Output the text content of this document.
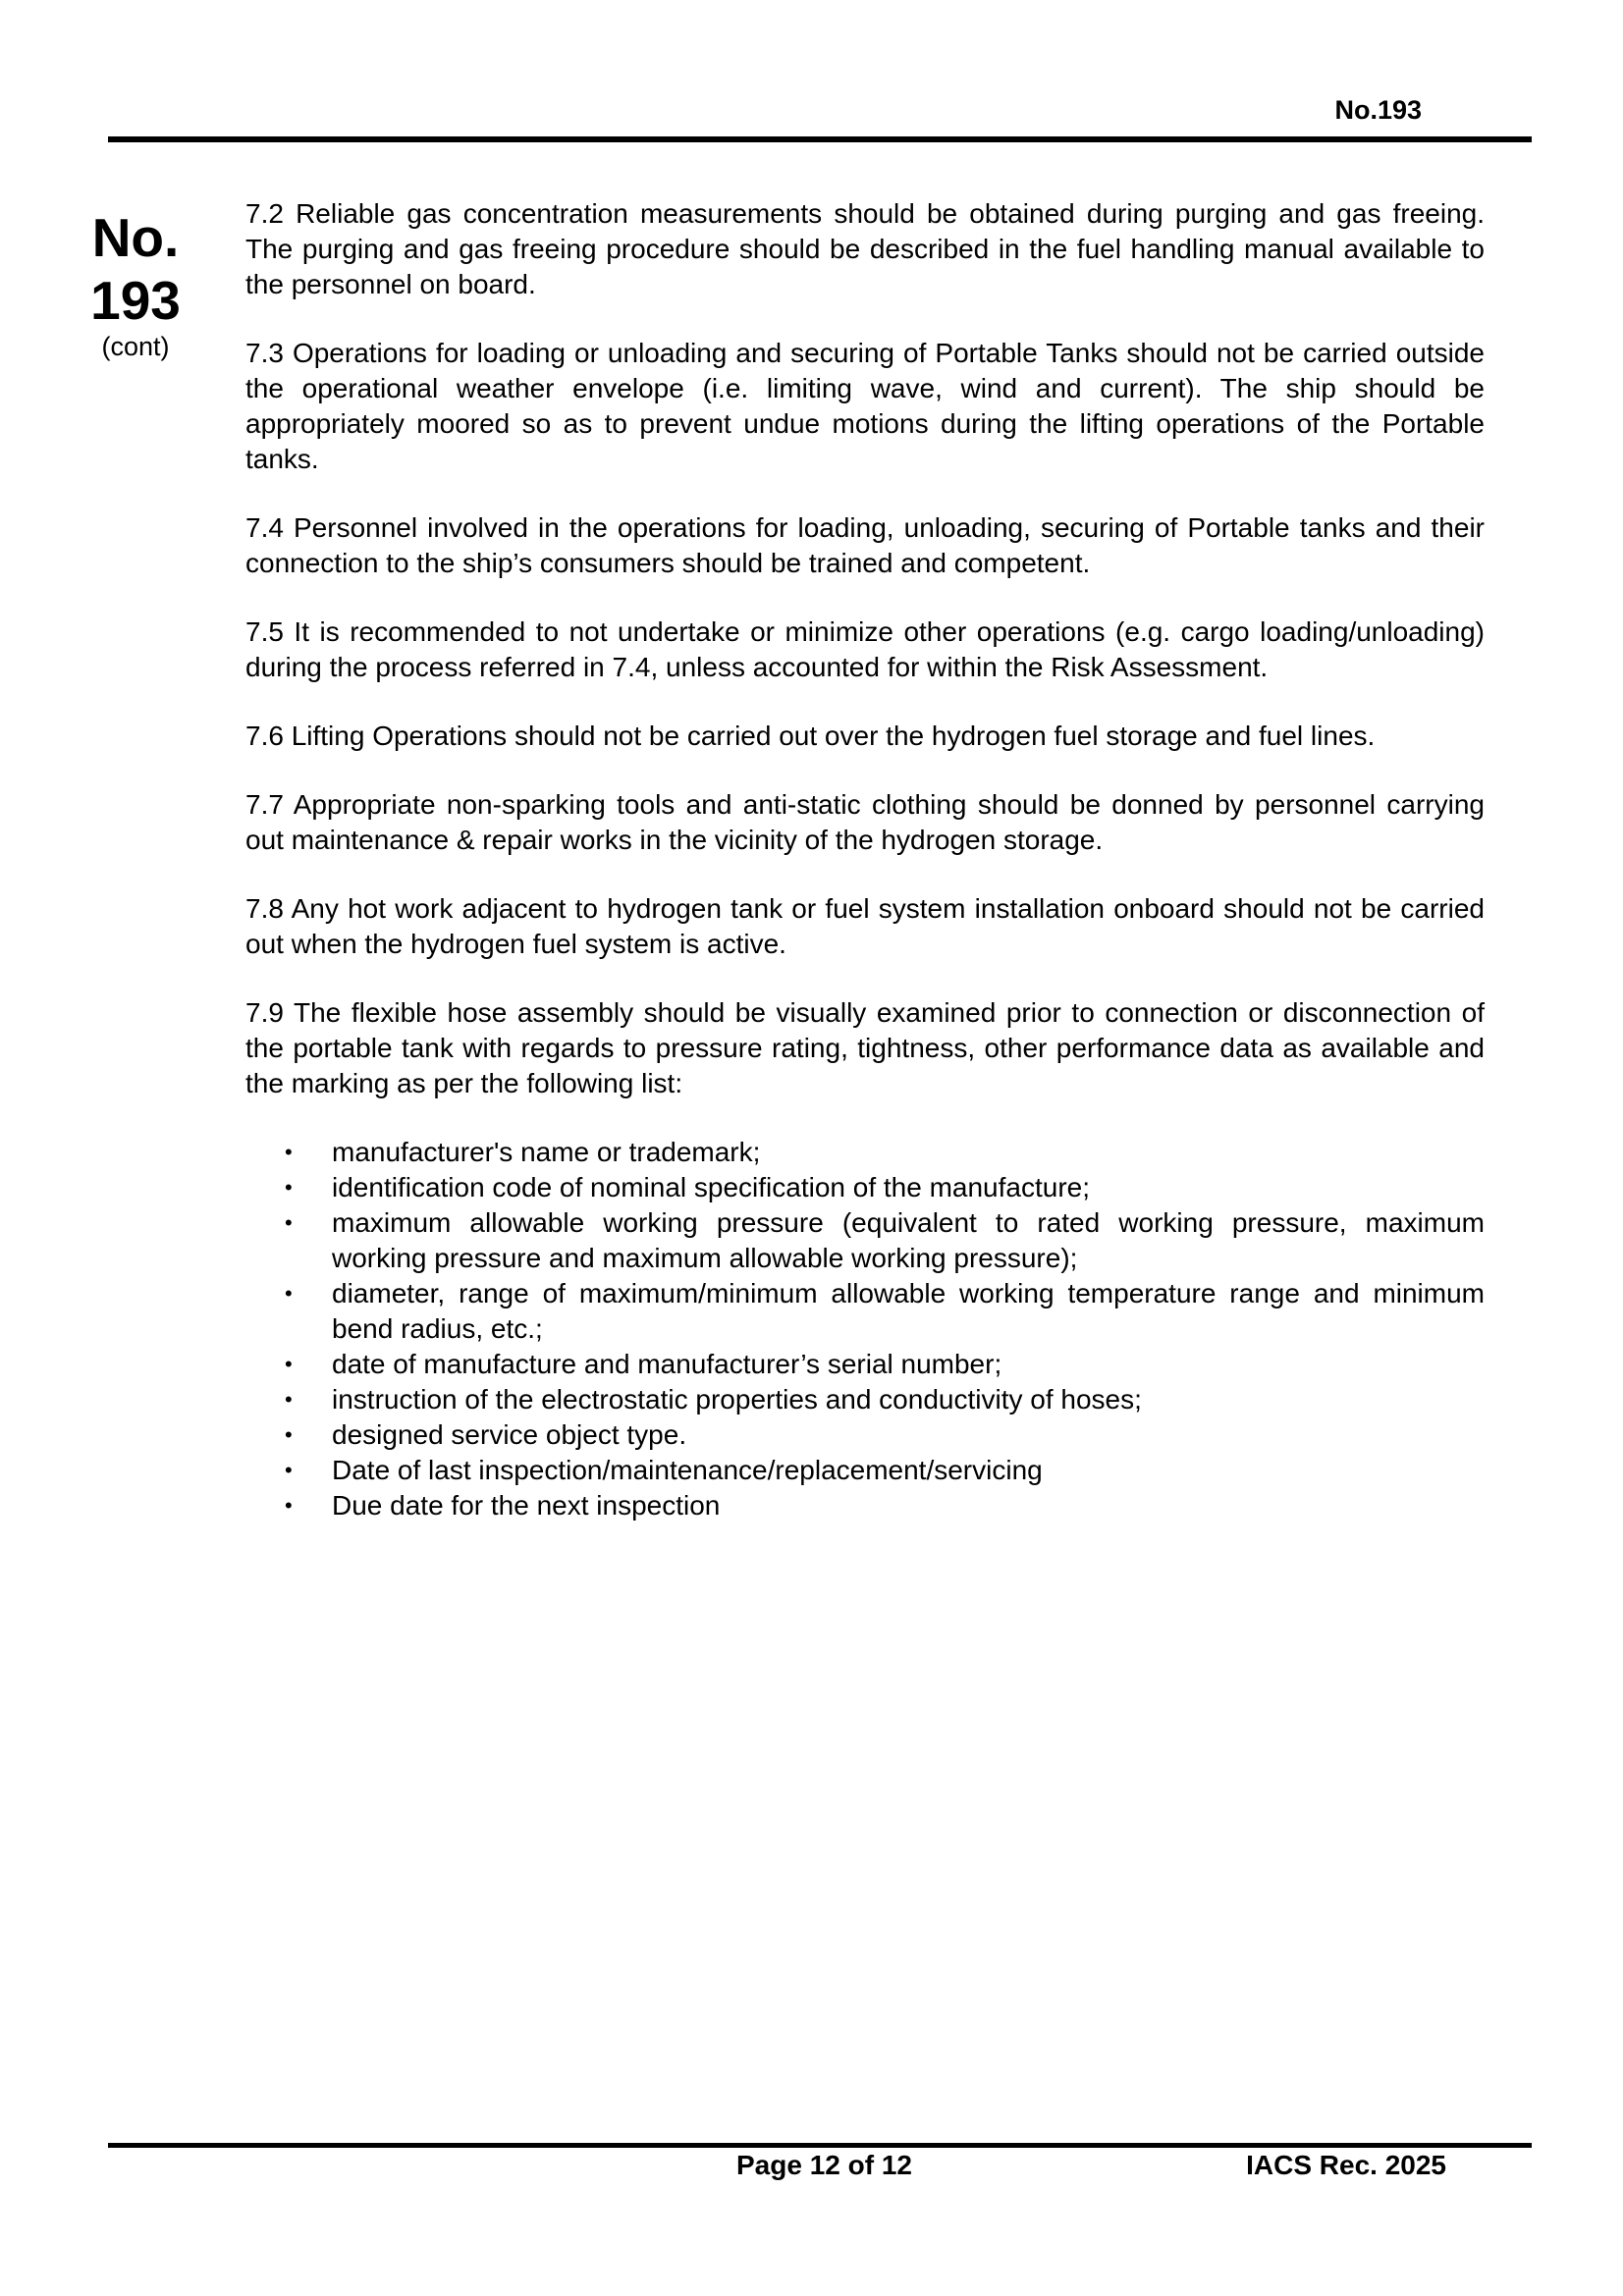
No.193
No.
193
(cont)

7.2 Reliable gas concentration measurements should be obtained during purging and gas freeing. The purging and gas freeing procedure should be described in the fuel handling manual available to the personnel on board.

7.3 Operations for loading or unloading and securing of Portable Tanks should not be carried outside the operational weather envelope (i.e. limiting wave, wind and current). The ship should be appropriately moored so as to prevent undue motions during the lifting operations of the Portable tanks.

7.4 Personnel involved in the operations for loading, unloading, securing of Portable tanks and their connection to the ship’s consumers should be trained and competent.

7.5 It is recommended to not undertake or minimize other operations (e.g. cargo loading/unloading) during the process referred in 7.4, unless accounted for within the Risk Assessment.

7.6 Lifting Operations should not be carried out over the hydrogen fuel storage and fuel lines.

7.7 Appropriate non-sparking tools and anti-static clothing should be donned by personnel carrying out maintenance & repair works in the vicinity of the hydrogen storage.

7.8 Any hot work adjacent to hydrogen tank or fuel system installation onboard should not be carried out when the hydrogen fuel system is active.

7.9 The flexible hose assembly should be visually examined prior to connection or disconnection of the portable tank with regards to pressure rating, tightness, other performance data as available and the marking as per the following list:

• manufacturer's name or trademark;
• identification code of nominal specification of the manufacture;
• maximum allowable working pressure (equivalent to rated working pressure, maximum working pressure and maximum allowable working pressure);
• diameter, range of maximum/minimum allowable working temperature range and minimum bend radius, etc.;
• date of manufacture and manufacturer’s serial number;
• instruction of the electrostatic properties and conductivity of hoses;
• designed service object type.
• Date of last inspection/maintenance/replacement/servicing
• Due date for the next inspection
Page 12 of 12	IACS Rec. 2025
